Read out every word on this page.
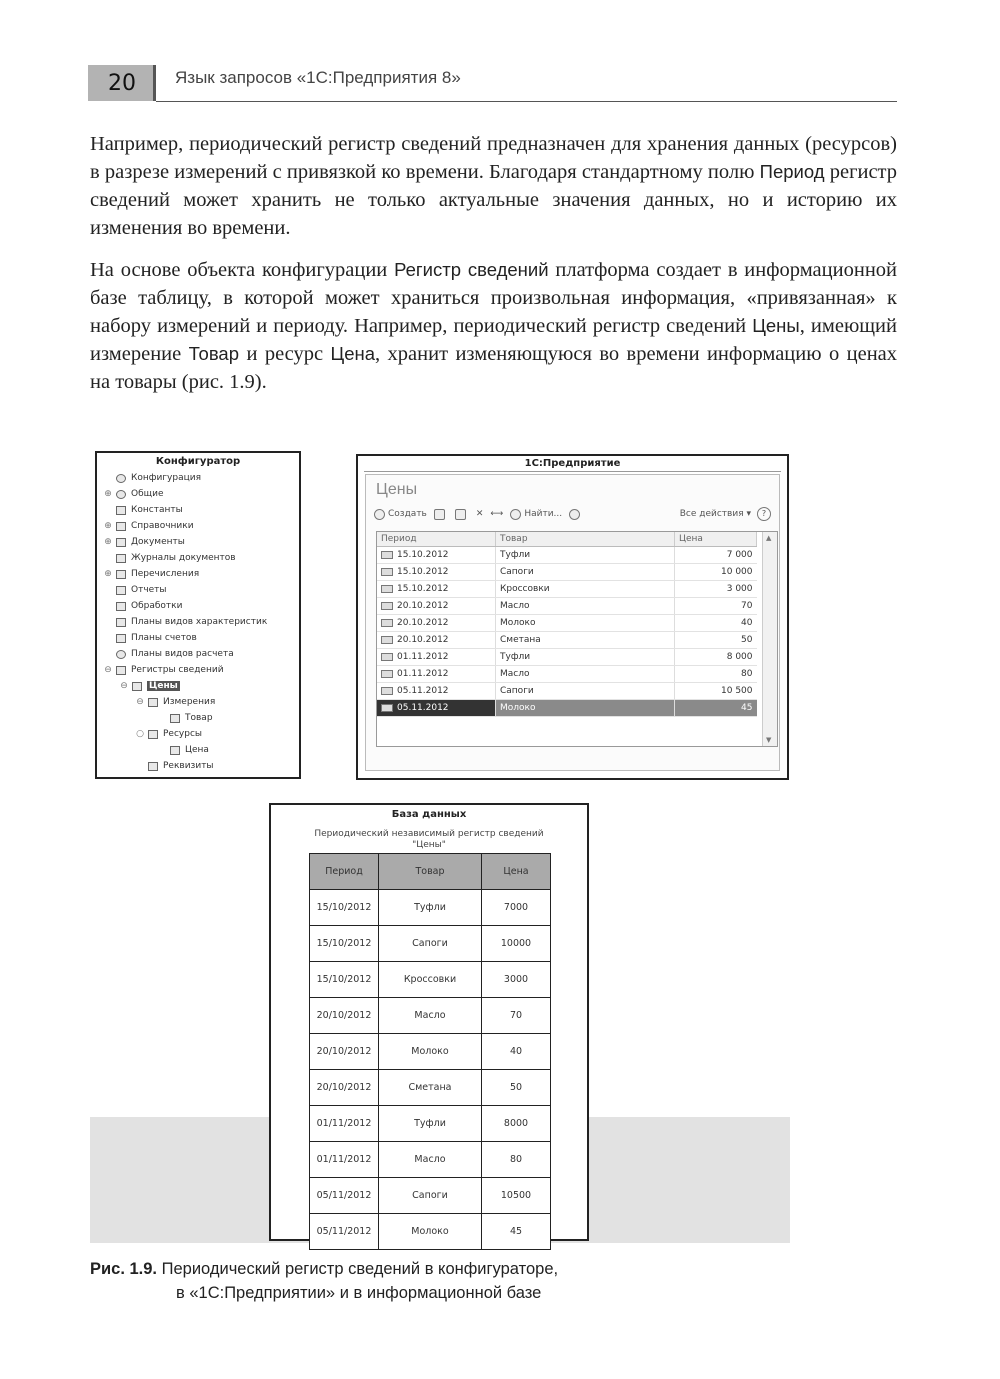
20	Язык запросов «1С:Предприятия 8»

Например, периодический регистр сведений предназначен для хранения данных (ресурсов) в разрезе измерений с привязкой ко времени. Благодаря стандартному полю Период регистр сведений может хранить не только актуальные значения данных, но и историю их изменения во времени.

На основе объекта конфигурации Регистр сведений платформа создает в информационной базе таблицу, в которой может храниться произвольная информация, «привязанная» к набору измерений и периоду. Например, периодический регистр сведений Цены, имеющий измерение Товар и ресурс Цена, хранит изменяющуюся во времени информацию о ценах на товары (рис. 1.9).

Конфигуратор
Конфигурация
⊕ Общие
Константы
⊕ Справочники
⊕ Документы
Журналы документов
⊕ Перечисления
Отчеты
Обработки
Планы видов характеристик
Планы счетов
Планы видов расчета
⊖ Регистры сведений
⊖ Цены
⊖ Измерения
Товар
○ Ресурсы
Цена
Реквизиты
1С:Предприятие
Цены
Создать	✕ ⟷ Найти...	Все действия ▾	?
Период	Товар	Цена
15.10.2012	Туфли	7 000
15.10.2012	Сапоги	10 000
15.10.2012	Кроссовки	3 000
20.10.2012	Масло	70
20.10.2012	Молоко	40
20.10.2012	Сметана	50
01.11.2012	Туфли	8 000
01.11.2012	Масло	80
05.11.2012	Сапоги	10 500
05.11.2012	Молоко	45
▲
▼
База данных
Периодический независимый регистр сведений
"Цены"
Период	Товар	Цена
15/10/2012	Туфли	7000
15/10/2012	Сапоги	10000
15/10/2012	Кроссовки	3000
20/10/2012	Масло	70
20/10/2012	Молоко	40
20/10/2012	Сметана	50
01/11/2012	Туфли	8000
01/11/2012	Масло	80
05/11/2012	Сапоги	10500
05/11/2012	Молоко	45
Рис. 1.9. Периодический регистр сведений в конфигураторе,
в «1С:Предприятии» и в информационной базе
